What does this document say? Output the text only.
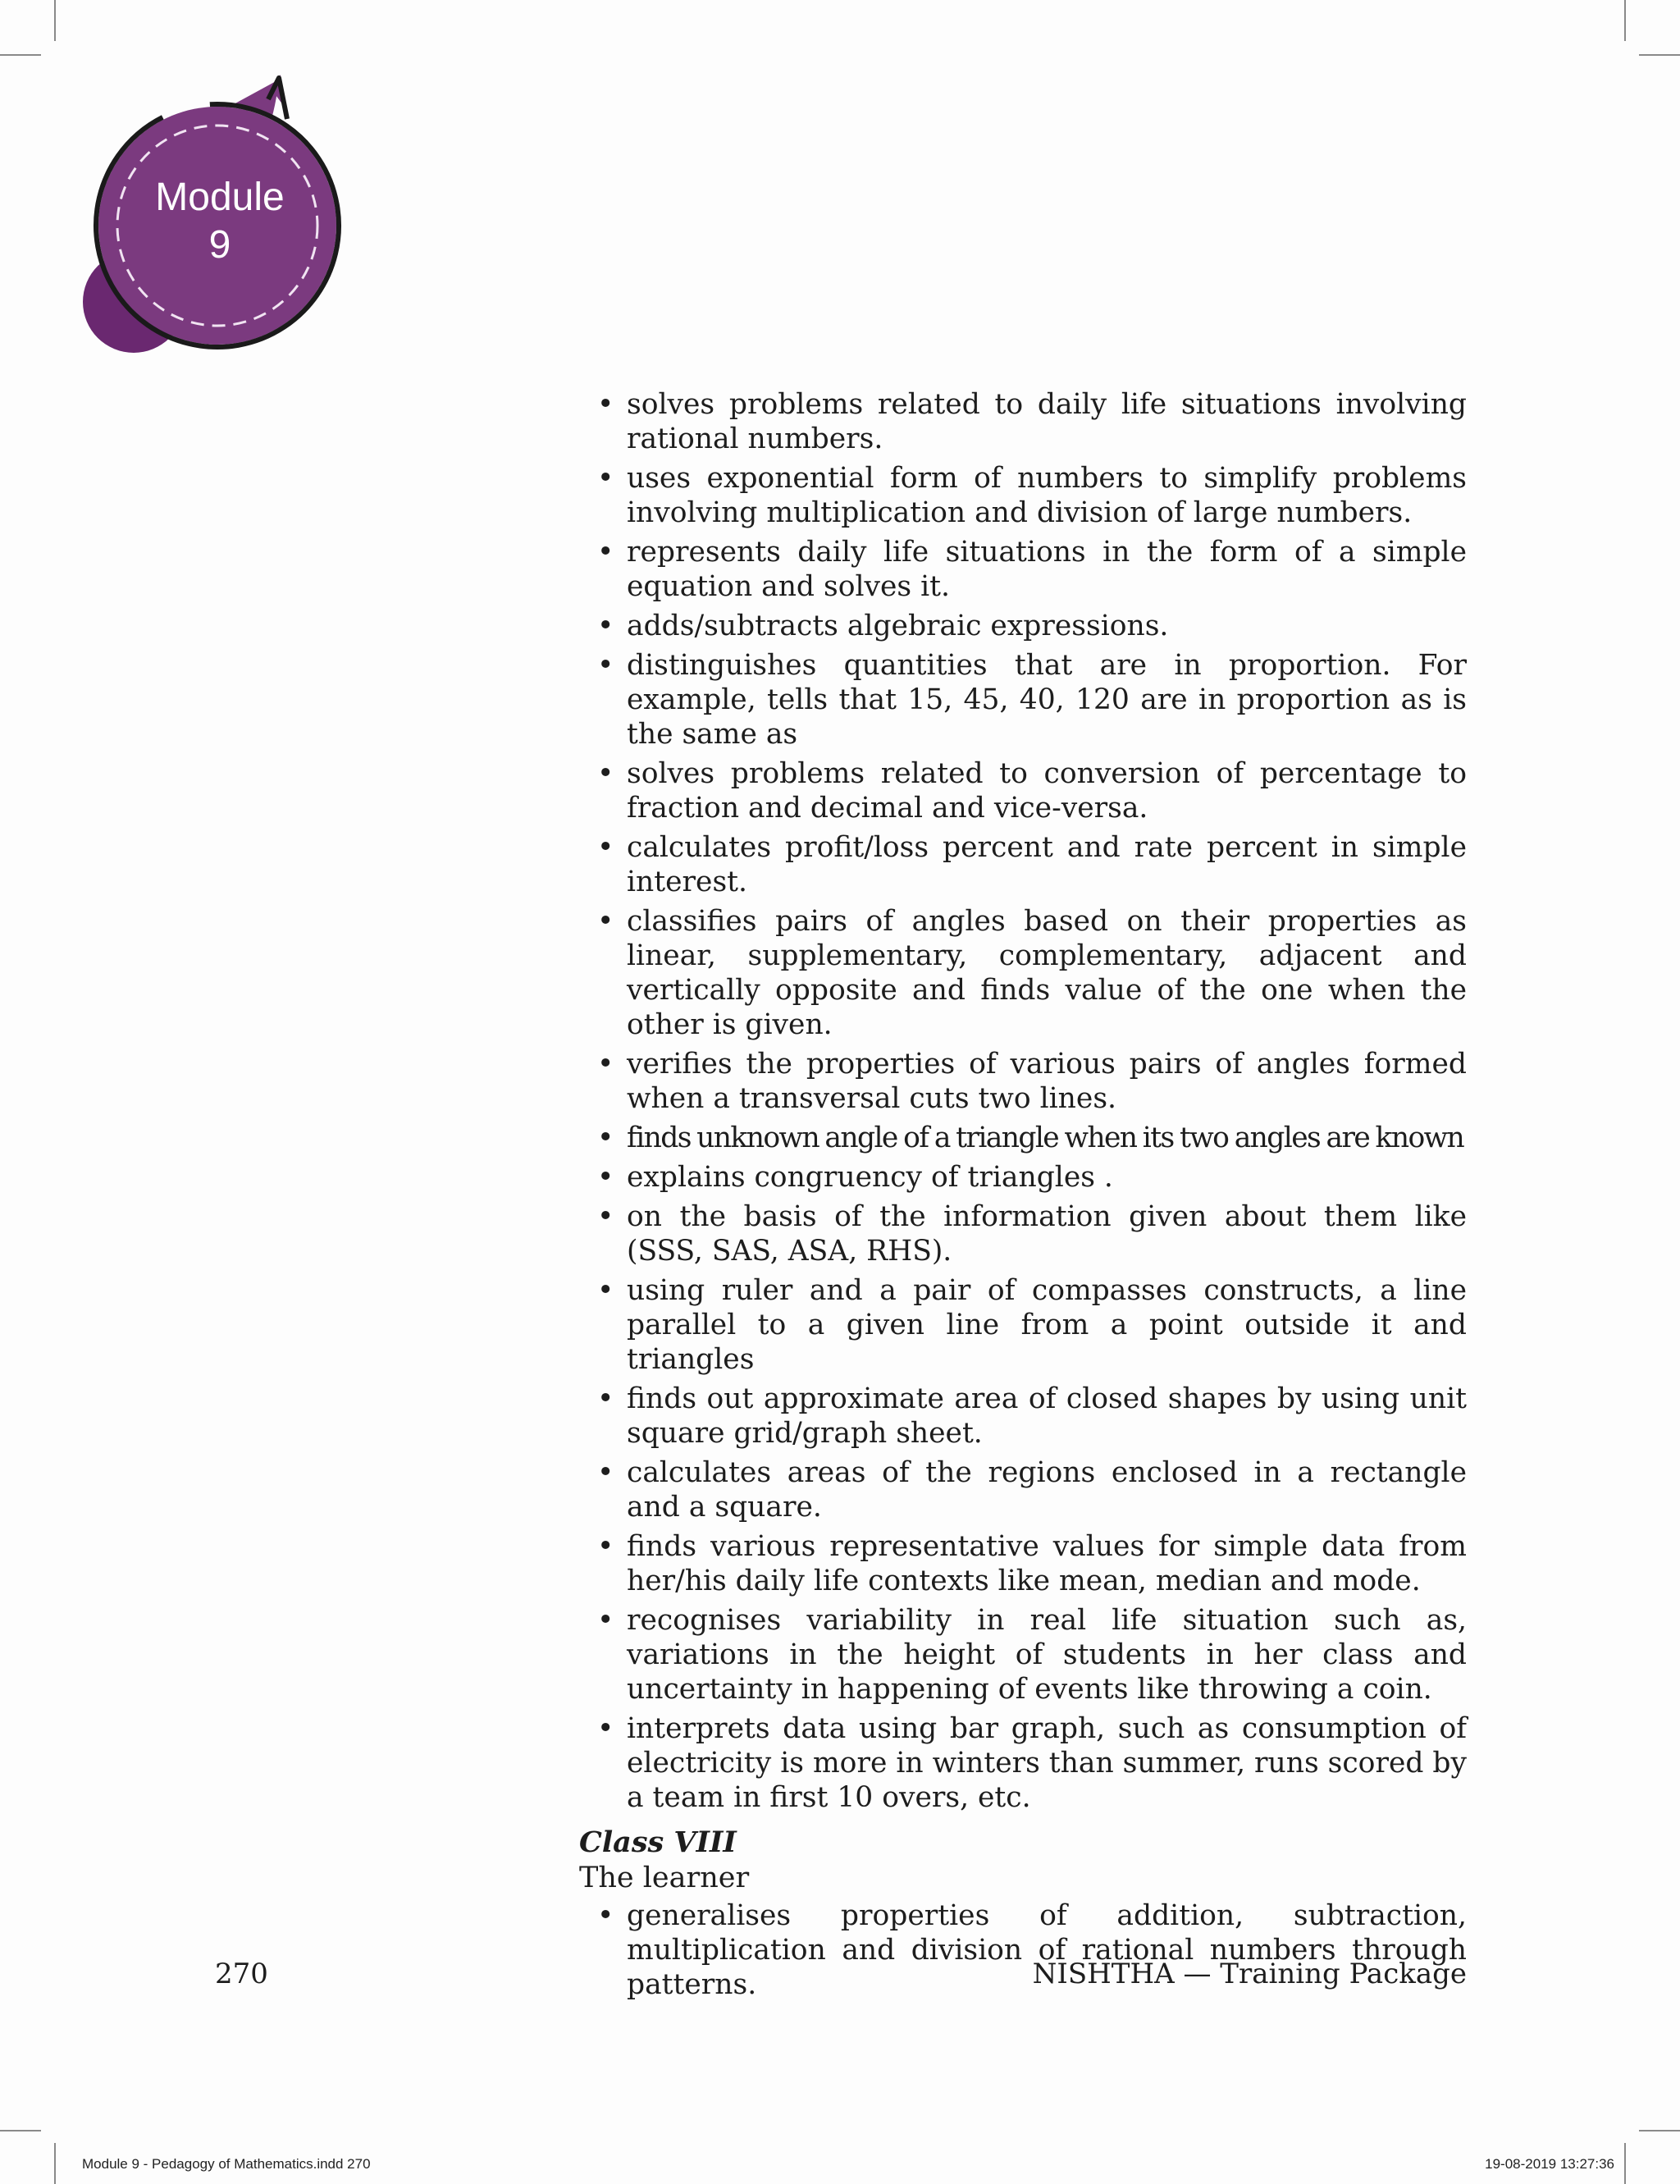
Module
9
• solves problems related to daily life situations involving rational numbers.
• uses exponential form of numbers to simplify problems involving multiplication and division of large numbers.
• represents daily life situations in the form of a simple equation and solves it.
• adds/subtracts algebraic expressions.
• distinguishes quantities that are in proportion. For example, tells that 15, 45, 40, 120 are in proportion as is the same as
• solves problems related to conversion of percentage to fraction and decimal and vice-versa.
• calculates profit/loss percent and rate percent in simple interest.
• classifies pairs of angles based on their properties as linear, supplementary, complementary, adjacent and vertically opposite and finds value of the one when the other is given.
• verifies the properties of various pairs of angles formed when a transversal cuts two lines.
• finds unknown angle of a triangle when its two angles are known
• explains congruency of triangles .
• on the basis of the information given about them like (SSS, SAS, ASA, RHS).
• using ruler and a pair of compasses constructs, a line parallel to a given line from a point outside it and triangles
• finds out approximate area of closed shapes by using unit square grid/graph sheet.
• calculates areas of the regions enclosed in a rectangle and a square.
• finds various representative values for simple data from her/his daily life contexts like mean, median and mode.
• recognises variability in real life situation such as, variations in the height of students in her class and uncertainty in happening of events like throwing a coin.
• interprets data using bar graph, such as consumption of electricity is more in winters than summer, runs scored by a team in first 10 overs, etc.
Class VIII
The learner
• generalises properties of addition, subtraction, multiplication and division of rational numbers through patterns.
270	NISHTHA — Training Package
Module 9 - Pedagogy of Mathematics.indd 270	19-08-2019 13:27:36
